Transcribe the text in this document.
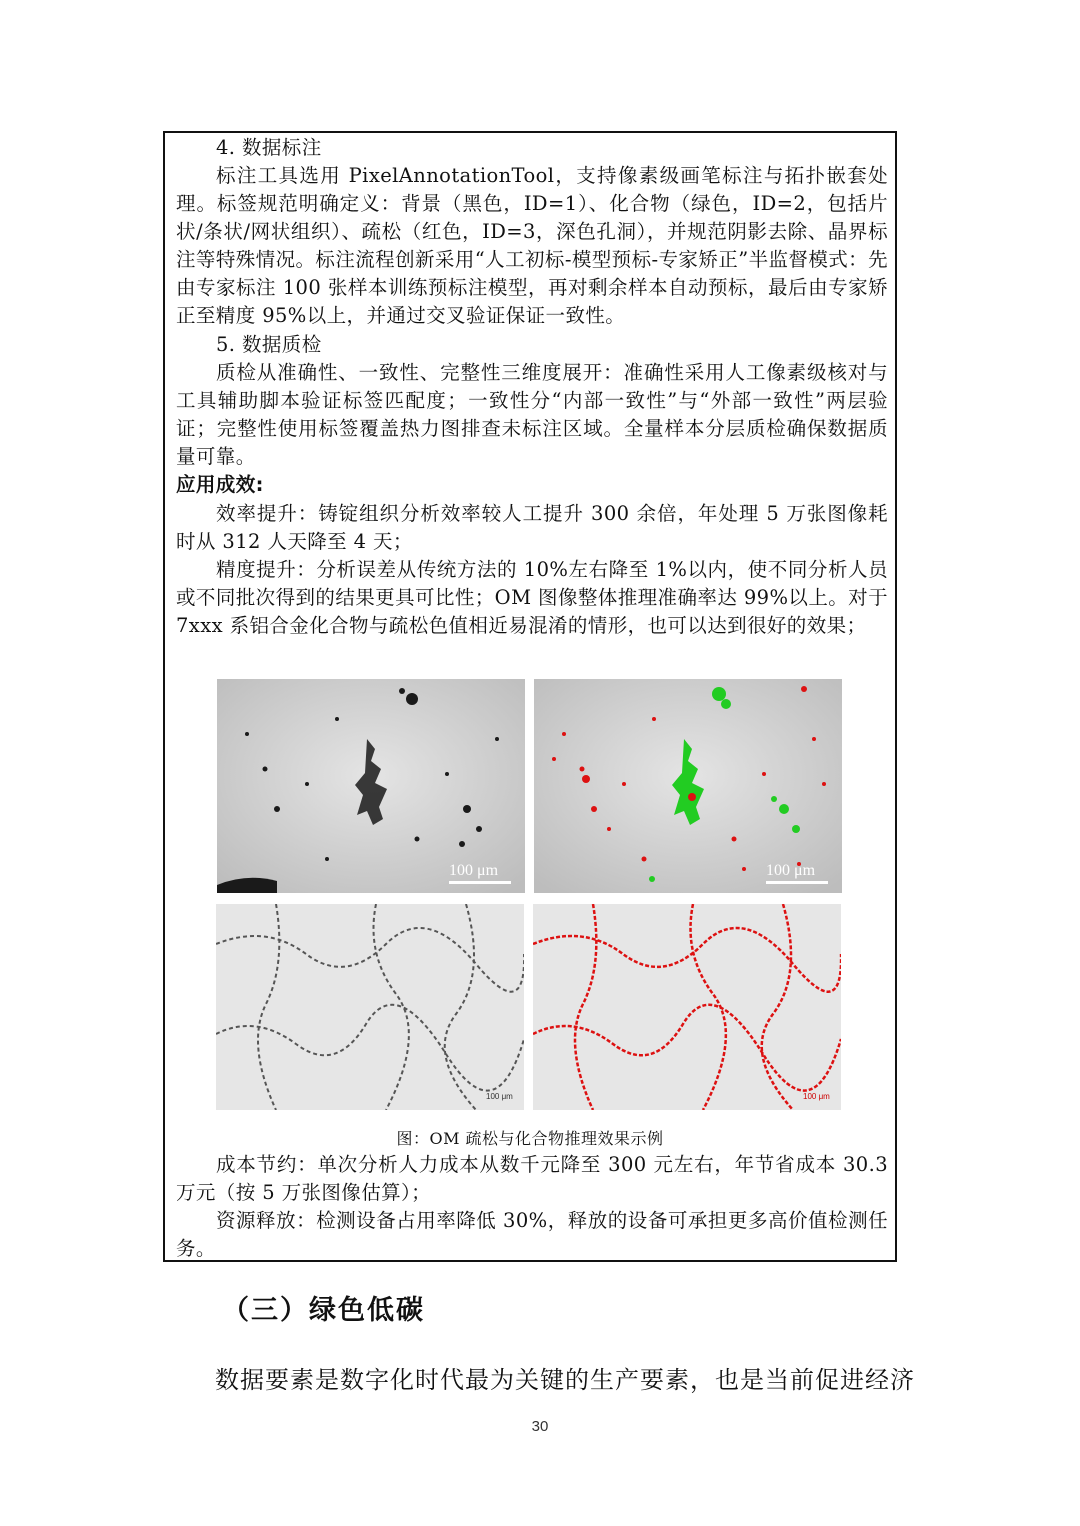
4. 数据标注
标注工具选用 PixelAnnotationTool，支持像素级画笔标注与拓扑嵌套处理。标签规范明确定义：背景（黑色，ID=1）、化合物（绿色，ID=2，包括片状/条状/网状组织）、疏松（红色，ID=3，深色孔洞），并规范阴影去除、晶界标注等特殊情况。标注流程创新采用“人工初标-模型预标-专家矫正”半监督模式：先由专家标注 100 张样本训练预标注模型，再对剩余样本自动预标，最后由专家矫正至精度 95%以上，并通过交叉验证保证一致性。
5. 数据质检
质检从准确性、一致性、完整性三维度展开：准确性采用人工像素级核对与工具辅助脚本验证标签匹配度；一致性分“内部一致性”与“外部一致性”两层验证；完整性使用标签覆盖热力图排查未标注区域。全量样本分层质检确保数据质量可靠。
应用成效:
效率提升：铸锭组织分析效率较人工提升 300 余倍，年处理 5 万张图像耗时从 312 人天降至 4 天；
精度提升：分析误差从传统方法的 10%左右降至 1%以内，使不同分析人员或不同批次得到的结果更具可比性；OM 图像整体推理准确率达 99%以上。对于 7xxx 系铝合金化合物与疏松色值相近易混淆的情形，也可以达到很好的效果；
100 μm	100 μm
100 μm	100 μm
图：OM 疏松与化合物推理效果示例
成本节约：单次分析人力成本从数千元降至 300 元左右，年节省成本 30.3 万元（按 5 万张图像估算）；
资源释放：检测设备占用率降低 30%，释放的设备可承担更多高价值检测任务。
（三）绿色低碳
数据要素是数字化时代最为关键的生产要素，也是当前促进经济
30
